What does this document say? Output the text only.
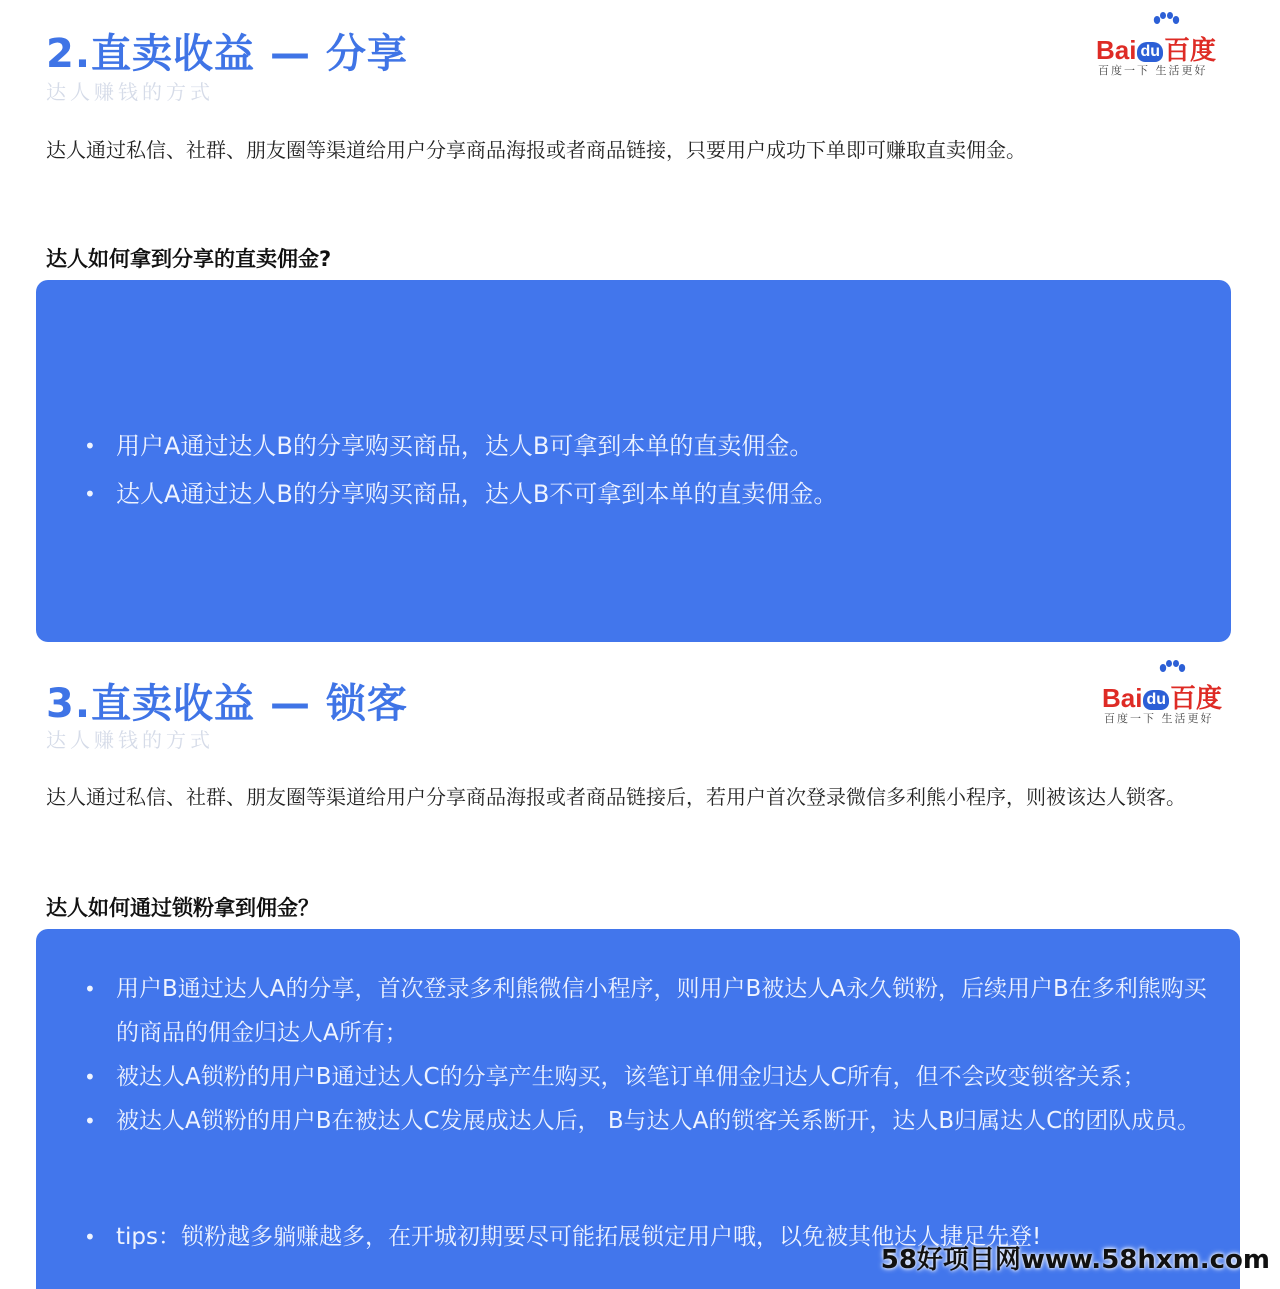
2.直卖收益 — 分享
达人赚钱的方式
Bai du 百度
百度一下 生活更好
达人通过私信、社群、朋友圈等渠道给用户分享商品海报或者商品链接，只要用户成功下单即可赚取直卖佣金。
达人如何拿到分享的直卖佣金?
• 用户A通过达人B的分享购买商品，达人B可拿到本单的直卖佣金。
• 达人A通过达人B的分享购买商品，达人B不可拿到本单的直卖佣金。
3.直卖收益 — 锁客
达人赚钱的方式
Bai du 百度
百度一下 生活更好
达人通过私信、社群、朋友圈等渠道给用户分享商品海报或者商品链接后，若用户首次登录微信多利熊小程序，则被该达人锁客。
达人如何通过锁粉拿到佣金？
• 用户B通过达人A的分享，首次登录多利熊微信小程序，则用户B被达人A永久锁粉，后续用户B在多利熊购买的商品的佣金归达人A所有；
• 被达人A锁粉的用户B通过达人C的分享产生购买，该笔订单佣金归达人C所有，但不会改变锁客关系；
• 被达人A锁粉的用户B在被达人C发展成达人后， B与达人A的锁客关系断开，达人B归属达人C的团队成员。
• tips：锁粉越多躺赚越多，在开城初期要尽可能拓展锁定用户哦，以免被其他达人捷足先登!
58好项目网www.58hxm.com
